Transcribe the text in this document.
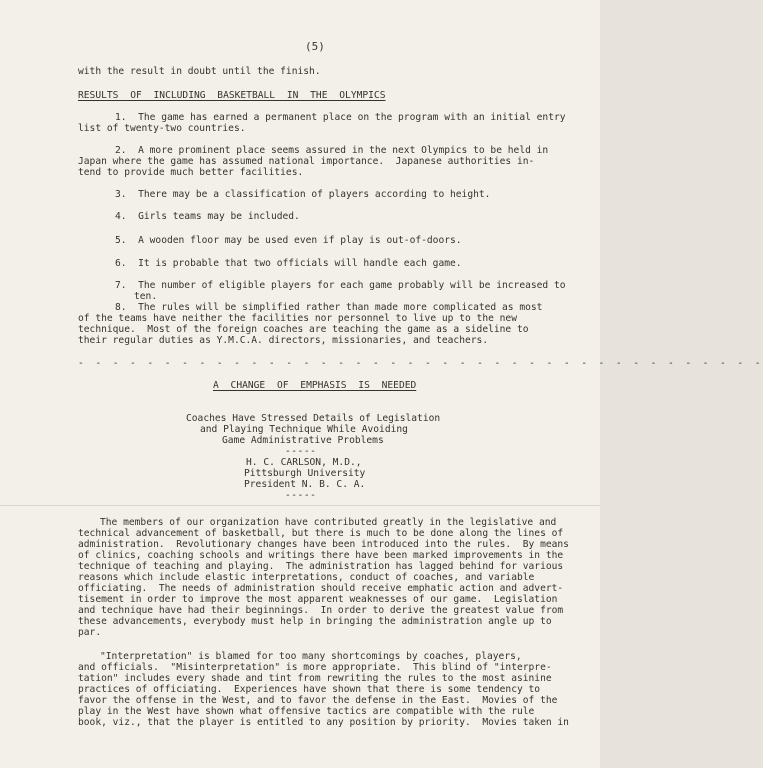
(5)
with the result in doubt until the finish.
RESULTS OF INCLUDING BASKETBALL IN THE OLYMPICS
1.  The game has earned a permanent place on the program with an initial entry
list of twenty-two countries.
2.  A more prominent place seems assured in the next Olympics to be held in
Japan where the game has assumed national importance.  Japanese authorities in-
tend to provide much better facilities.
3.  There may be a classification of players according to height.
4.  Girls teams may be included.
5.  A wooden floor may be used even if play is out-of-doors.
6.  It is probable that two officials will handle each game.
7.  The number of eligible players for each game probably will be increased to
ten.
8.  The rules will be simplified rather than made more complicated as most
of the teams have neither the facilities nor personnel to live up to the new
technique.  Most of the foreign coaches are teaching the game as a sideline to
their regular duties as Y.M.C.A. directors, missionaries, and teachers.
- - - - - - - - - - - - - - - - - - - - - - - - - - - - - - - - - - - - - - - -
A CHANGE OF EMPHASIS IS NEEDED
Coaches Have Stressed Details of Legislation
and Playing Technique While Avoiding
Game Administrative Problems
-----
H. C. CARLSON, M.D.,
Pittsburgh University
President N. B. C. A.
-----
The members of our organization have contributed greatly in the legislative and
technical advancement of basketball, but there is much to be done along the lines of
administration.  Revolutionary changes have been introduced into the rules.  By means
of clinics, coaching schools and writings there have been marked improvements in the
technique of teaching and playing.  The administration has lagged behind for various
reasons which include elastic interpretations, conduct of coaches, and variable
officiating.  The needs of administration should receive emphatic action and advert-
tisement in order to improve the most apparent weaknesses of our game.  Legislation
and technique have had their beginnings.  In order to derive the greatest value from
these advancements, everybody must help in bringing the administration angle up to
par.
"Interpretation" is blamed for too many shortcomings by coaches, players,
and officials.  "Misinterpretation" is more appropriate.  This blind of "interpre-
tation" includes every shade and tint from rewriting the rules to the most asinine
practices of officiating.  Experiences have shown that there is some tendency to
favor the offense in the West, and to favor the defense in the East.  Movies of the
play in the West have shown what offensive tactics are compatible with the rule
book, viz., that the player is entitled to any position by priority.  Movies taken in
